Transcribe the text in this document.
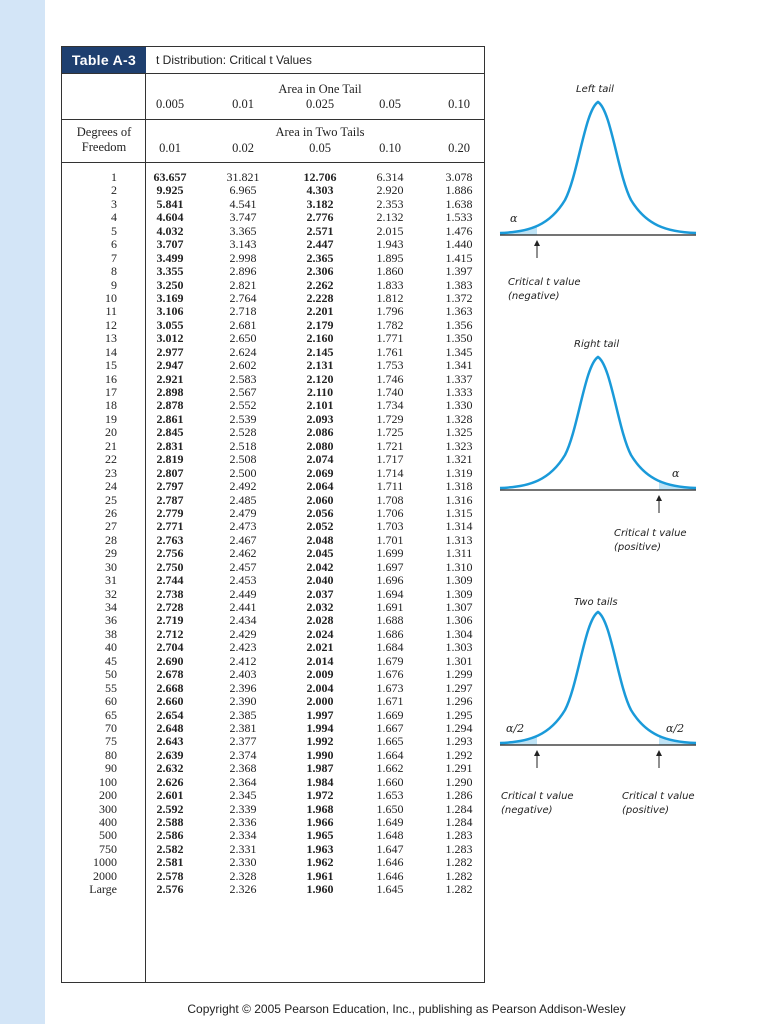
Table A-3	t Distribution: Critical t Values
Area in One Tail
0.005	0.01	0.025	0.05	0.10
Degrees of
Freedom
Area in Two Tails
0.01	0.02	0.05	0.10	0.20
1	63.657	31.821	12.706	6.314	3.078
2	9.925	6.965	4.303	2.920	1.886
3	5.841	4.541	3.182	2.353	1.638
4	4.604	3.747	2.776	2.132	1.533
5	4.032	3.365	2.571	2.015	1.476
6	3.707	3.143	2.447	1.943	1.440
7	3.499	2.998	2.365	1.895	1.415
8	3.355	2.896	2.306	1.860	1.397
9	3.250	2.821	2.262	1.833	1.383
10	3.169	2.764	2.228	1.812	1.372
11	3.106	2.718	2.201	1.796	1.363
12	3.055	2.681	2.179	1.782	1.356
13	3.012	2.650	2.160	1.771	1.350
14	2.977	2.624	2.145	1.761	1.345
15	2.947	2.602	2.131	1.753	1.341
16	2.921	2.583	2.120	1.746	1.337
17	2.898	2.567	2.110	1.740	1.333
18	2.878	2.552	2.101	1.734	1.330
19	2.861	2.539	2.093	1.729	1.328
20	2.845	2.528	2.086	1.725	1.325
21	2.831	2.518	2.080	1.721	1.323
22	2.819	2.508	2.074	1.717	1.321
23	2.807	2.500	2.069	1.714	1.319
24	2.797	2.492	2.064	1.711	1.318
25	2.787	2.485	2.060	1.708	1.316
26	2.779	2.479	2.056	1.706	1.315
27	2.771	2.473	2.052	1.703	1.314
28	2.763	2.467	2.048	1.701	1.313
29	2.756	2.462	2.045	1.699	1.311
30	2.750	2.457	2.042	1.697	1.310
31	2.744	2.453	2.040	1.696	1.309
32	2.738	2.449	2.037	1.694	1.309
34	2.728	2.441	2.032	1.691	1.307
36	2.719	2.434	2.028	1.688	1.306
38	2.712	2.429	2.024	1.686	1.304
40	2.704	2.423	2.021	1.684	1.303
45	2.690	2.412	2.014	1.679	1.301
50	2.678	2.403	2.009	1.676	1.299
55	2.668	2.396	2.004	1.673	1.297
60	2.660	2.390	2.000	1.671	1.296
65	2.654	2.385	1.997	1.669	1.295
70	2.648	2.381	1.994	1.667	1.294
75	2.643	2.377	1.992	1.665	1.293
80	2.639	2.374	1.990	1.664	1.292
90	2.632	2.368	1.987	1.662	1.291
100	2.626	2.364	1.984	1.660	1.290
200	2.601	2.345	1.972	1.653	1.286
300	2.592	2.339	1.968	1.650	1.284
400	2.588	2.336	1.966	1.649	1.284
500	2.586	2.334	1.965	1.648	1.283
750	2.582	2.331	1.963	1.647	1.283
1000	2.581	2.330	1.962	1.646	1.282
2000	2.578	2.328	1.961	1.646	1.282
Large	2.576	2.326	1.960	1.645	1.282
Left tail
α
Critical t value
(negative)
Right tail
α
Critical t value
(positive)
Two tails
α/2	α/2
Critical t value
(negative)
Critical t value
(positive)
Copyright © 2005 Pearson Education, Inc., publishing as Pearson Addison-Wesley
